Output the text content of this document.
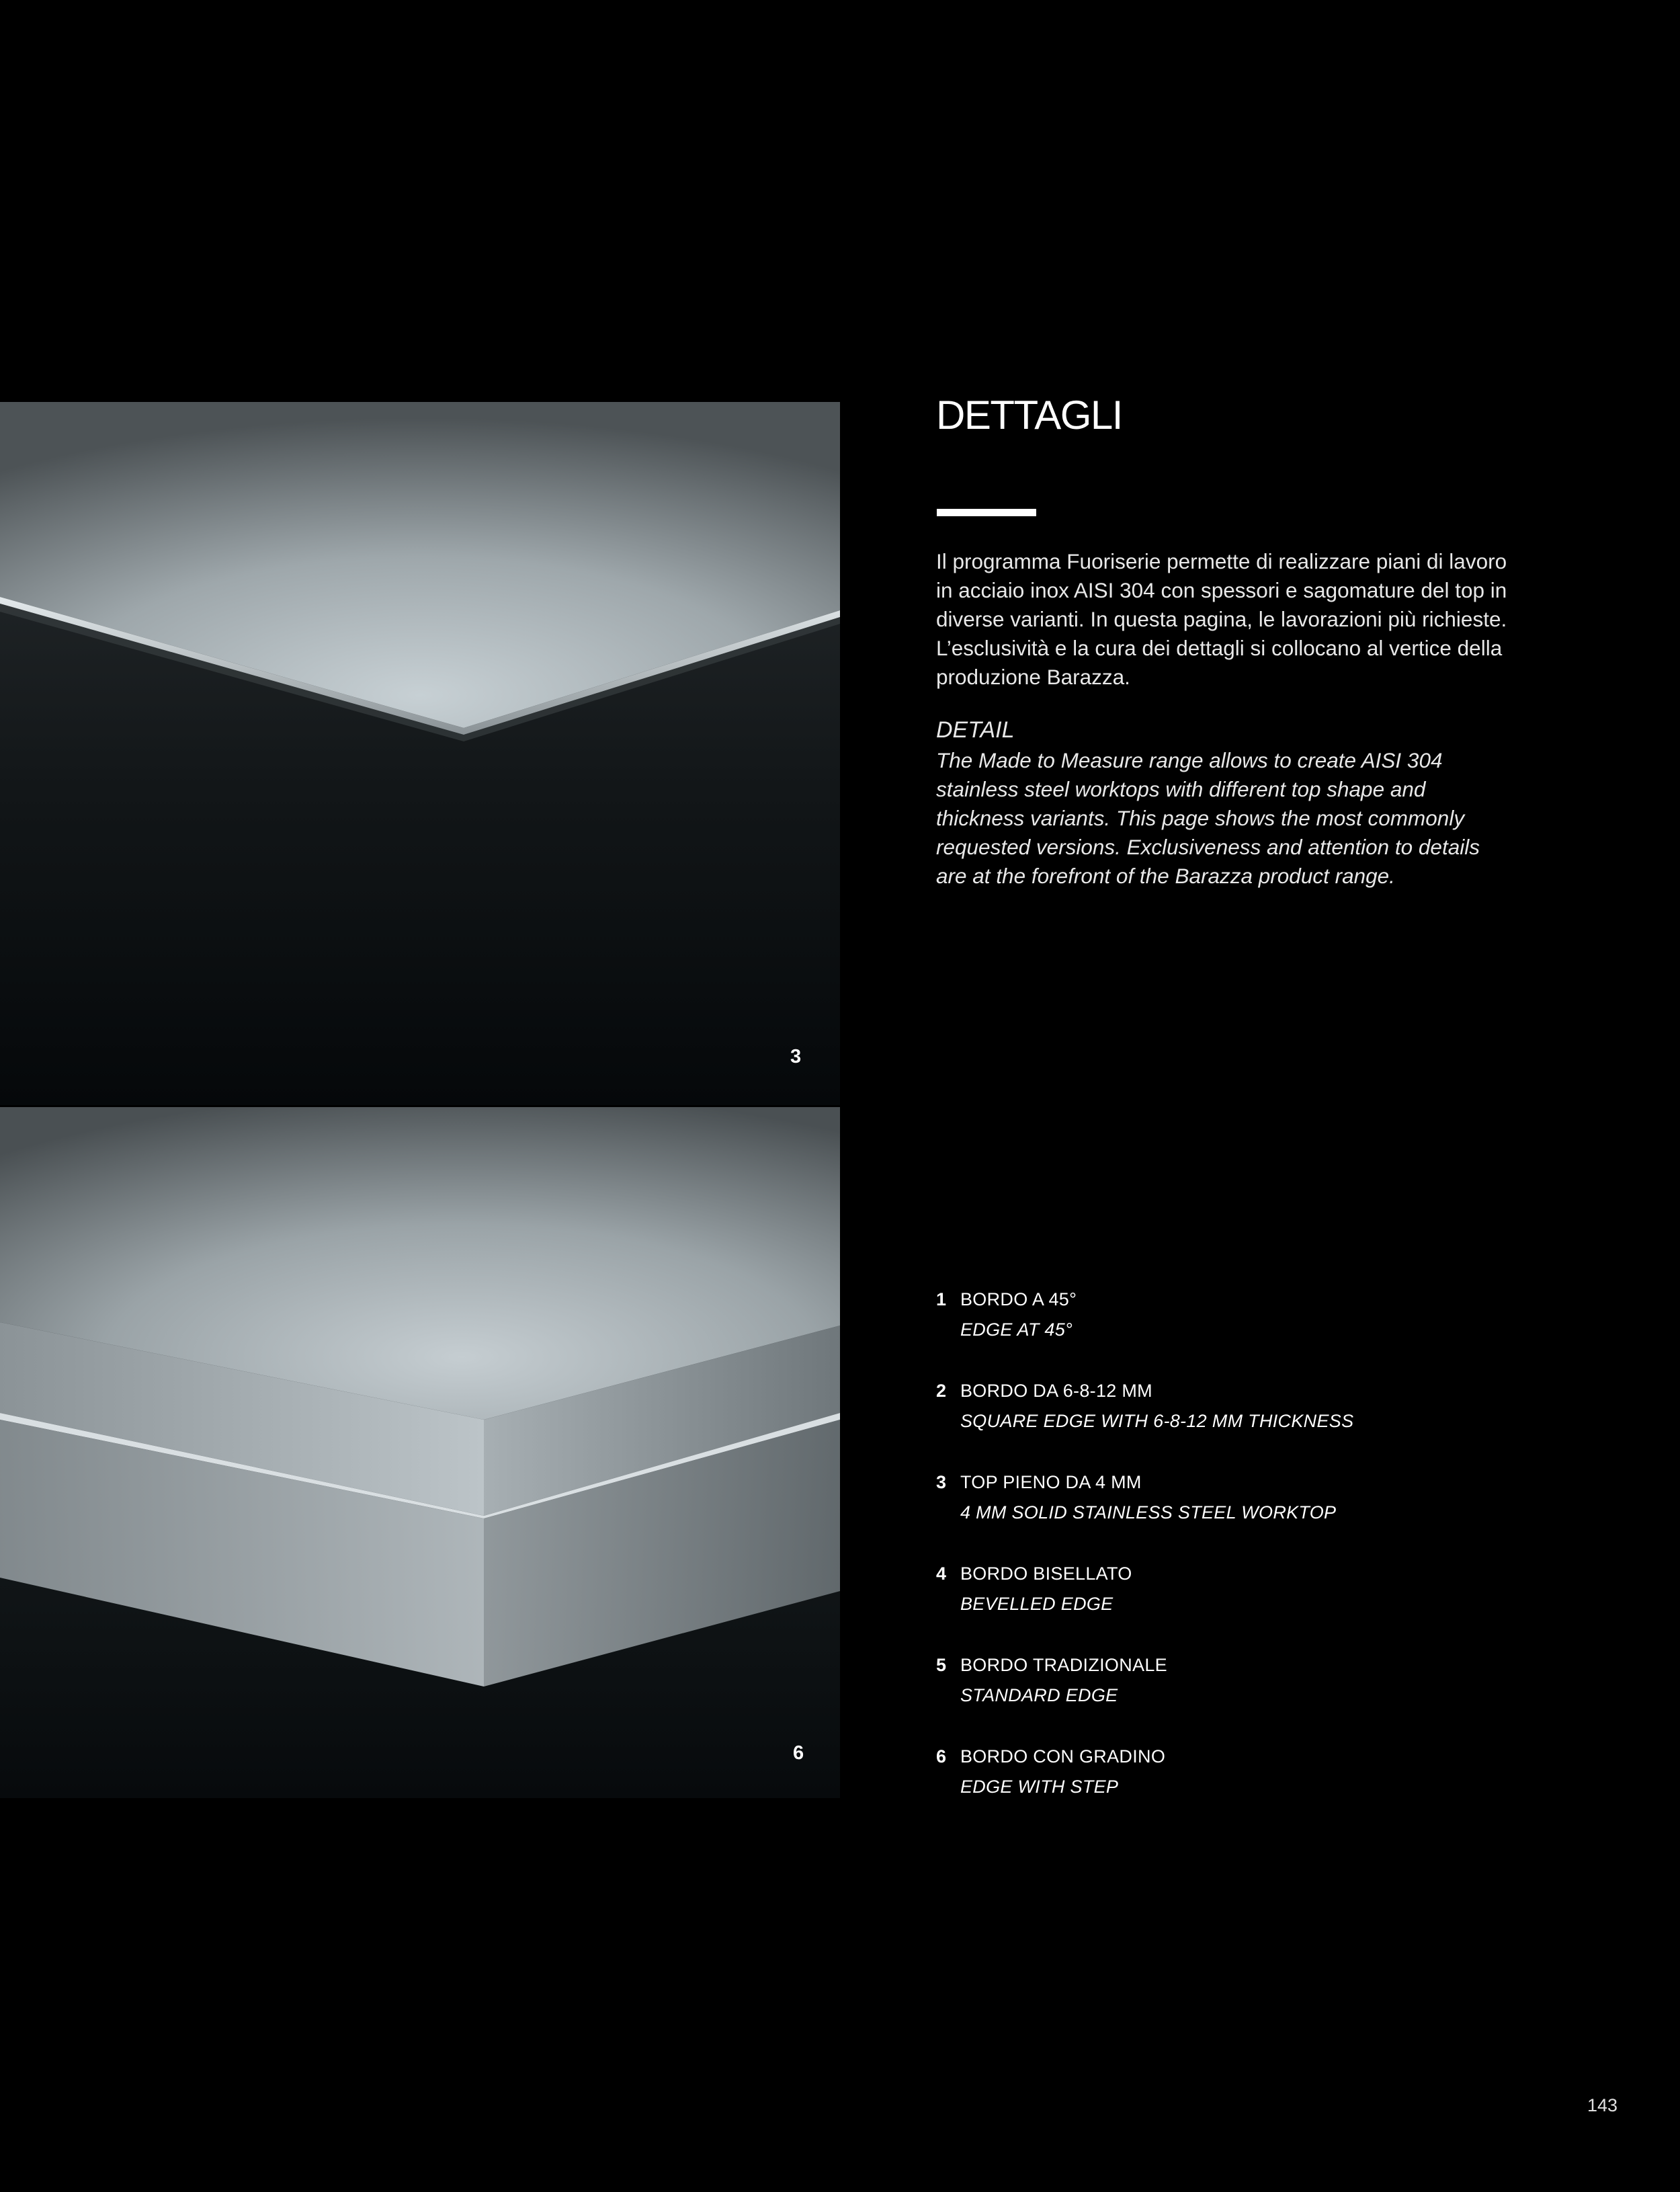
3
6
DETTAGLI

Il programma Fuoriserie permette di realizzare piani di lavoro in acciaio inox AISI 304 con spessori e sagomature del top in diverse varianti. In questa pagina, le lavorazioni più richieste. L’esclusività e la cura dei dettagli si collocano al vertice della produzione Barazza.

DETAIL

The Made to Measure range allows to create AISI 304 stainless steel worktops with different top shape and thickness variants. This page shows the most commonly requested versions. Exclusiveness and attention to details are at the forefront of the Barazza product range.

1 BORDO A 45°
EDGE AT 45°
2 BORDO DA 6-8-12 MM
SQUARE EDGE WITH 6-8-12 MM THICKNESS
3 TOP PIENO DA 4 MM
4 MM SOLID STAINLESS STEEL WORKTOP
4 BORDO BISELLATO
BEVELLED EDGE
5 BORDO TRADIZIONALE
STANDARD EDGE
6 BORDO CON GRADINO
EDGE WITH STEP
143
